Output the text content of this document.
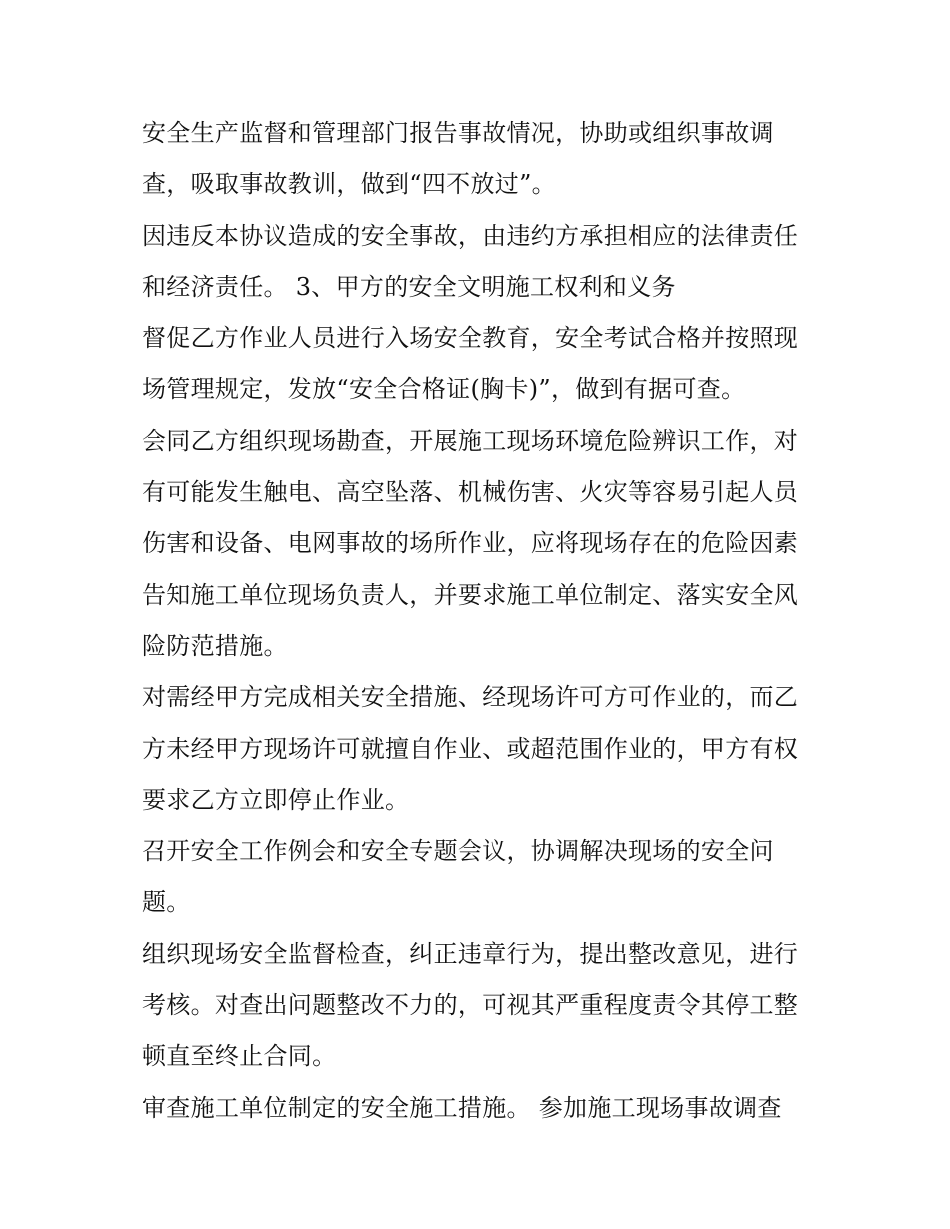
安全生产监督和管理部门报告事故情况，协助或组织事故调
查，吸取事故教训，做到“四不放过”。
因违反本协议造成的安全事故，由违约方承担相应的法律责任
和经济责任。 3、甲方的安全文明施工权利和义务
督促乙方作业人员进行入场安全教育，安全考试合格并按照现
场管理规定，发放“安全合格证(胸卡)”，做到有据可查。
会同乙方组织现场勘查，开展施工现场环境危险辨识工作，对
有可能发生触电、高空坠落、机械伤害、火灾等容易引起人员
伤害和设备、电网事故的场所作业，应将现场存在的危险因素
告知施工单位现场负责人，并要求施工单位制定、落实安全风
险防范措施。
对需经甲方完成相关安全措施、经现场许可方可作业的，而乙
方未经甲方现场许可就擅自作业、或超范围作业的，甲方有权
要求乙方立即停止作业。
召开安全工作例会和安全专题会议，协调解决现场的安全问
题。
组织现场安全监督检查，纠正违章行为，提出整改意见，进行
考核。对查出问题整改不力的，可视其严重程度责令其停工整
顿直至终止合同。
审查施工单位制定的安全施工措施。 参加施工现场事故调查
